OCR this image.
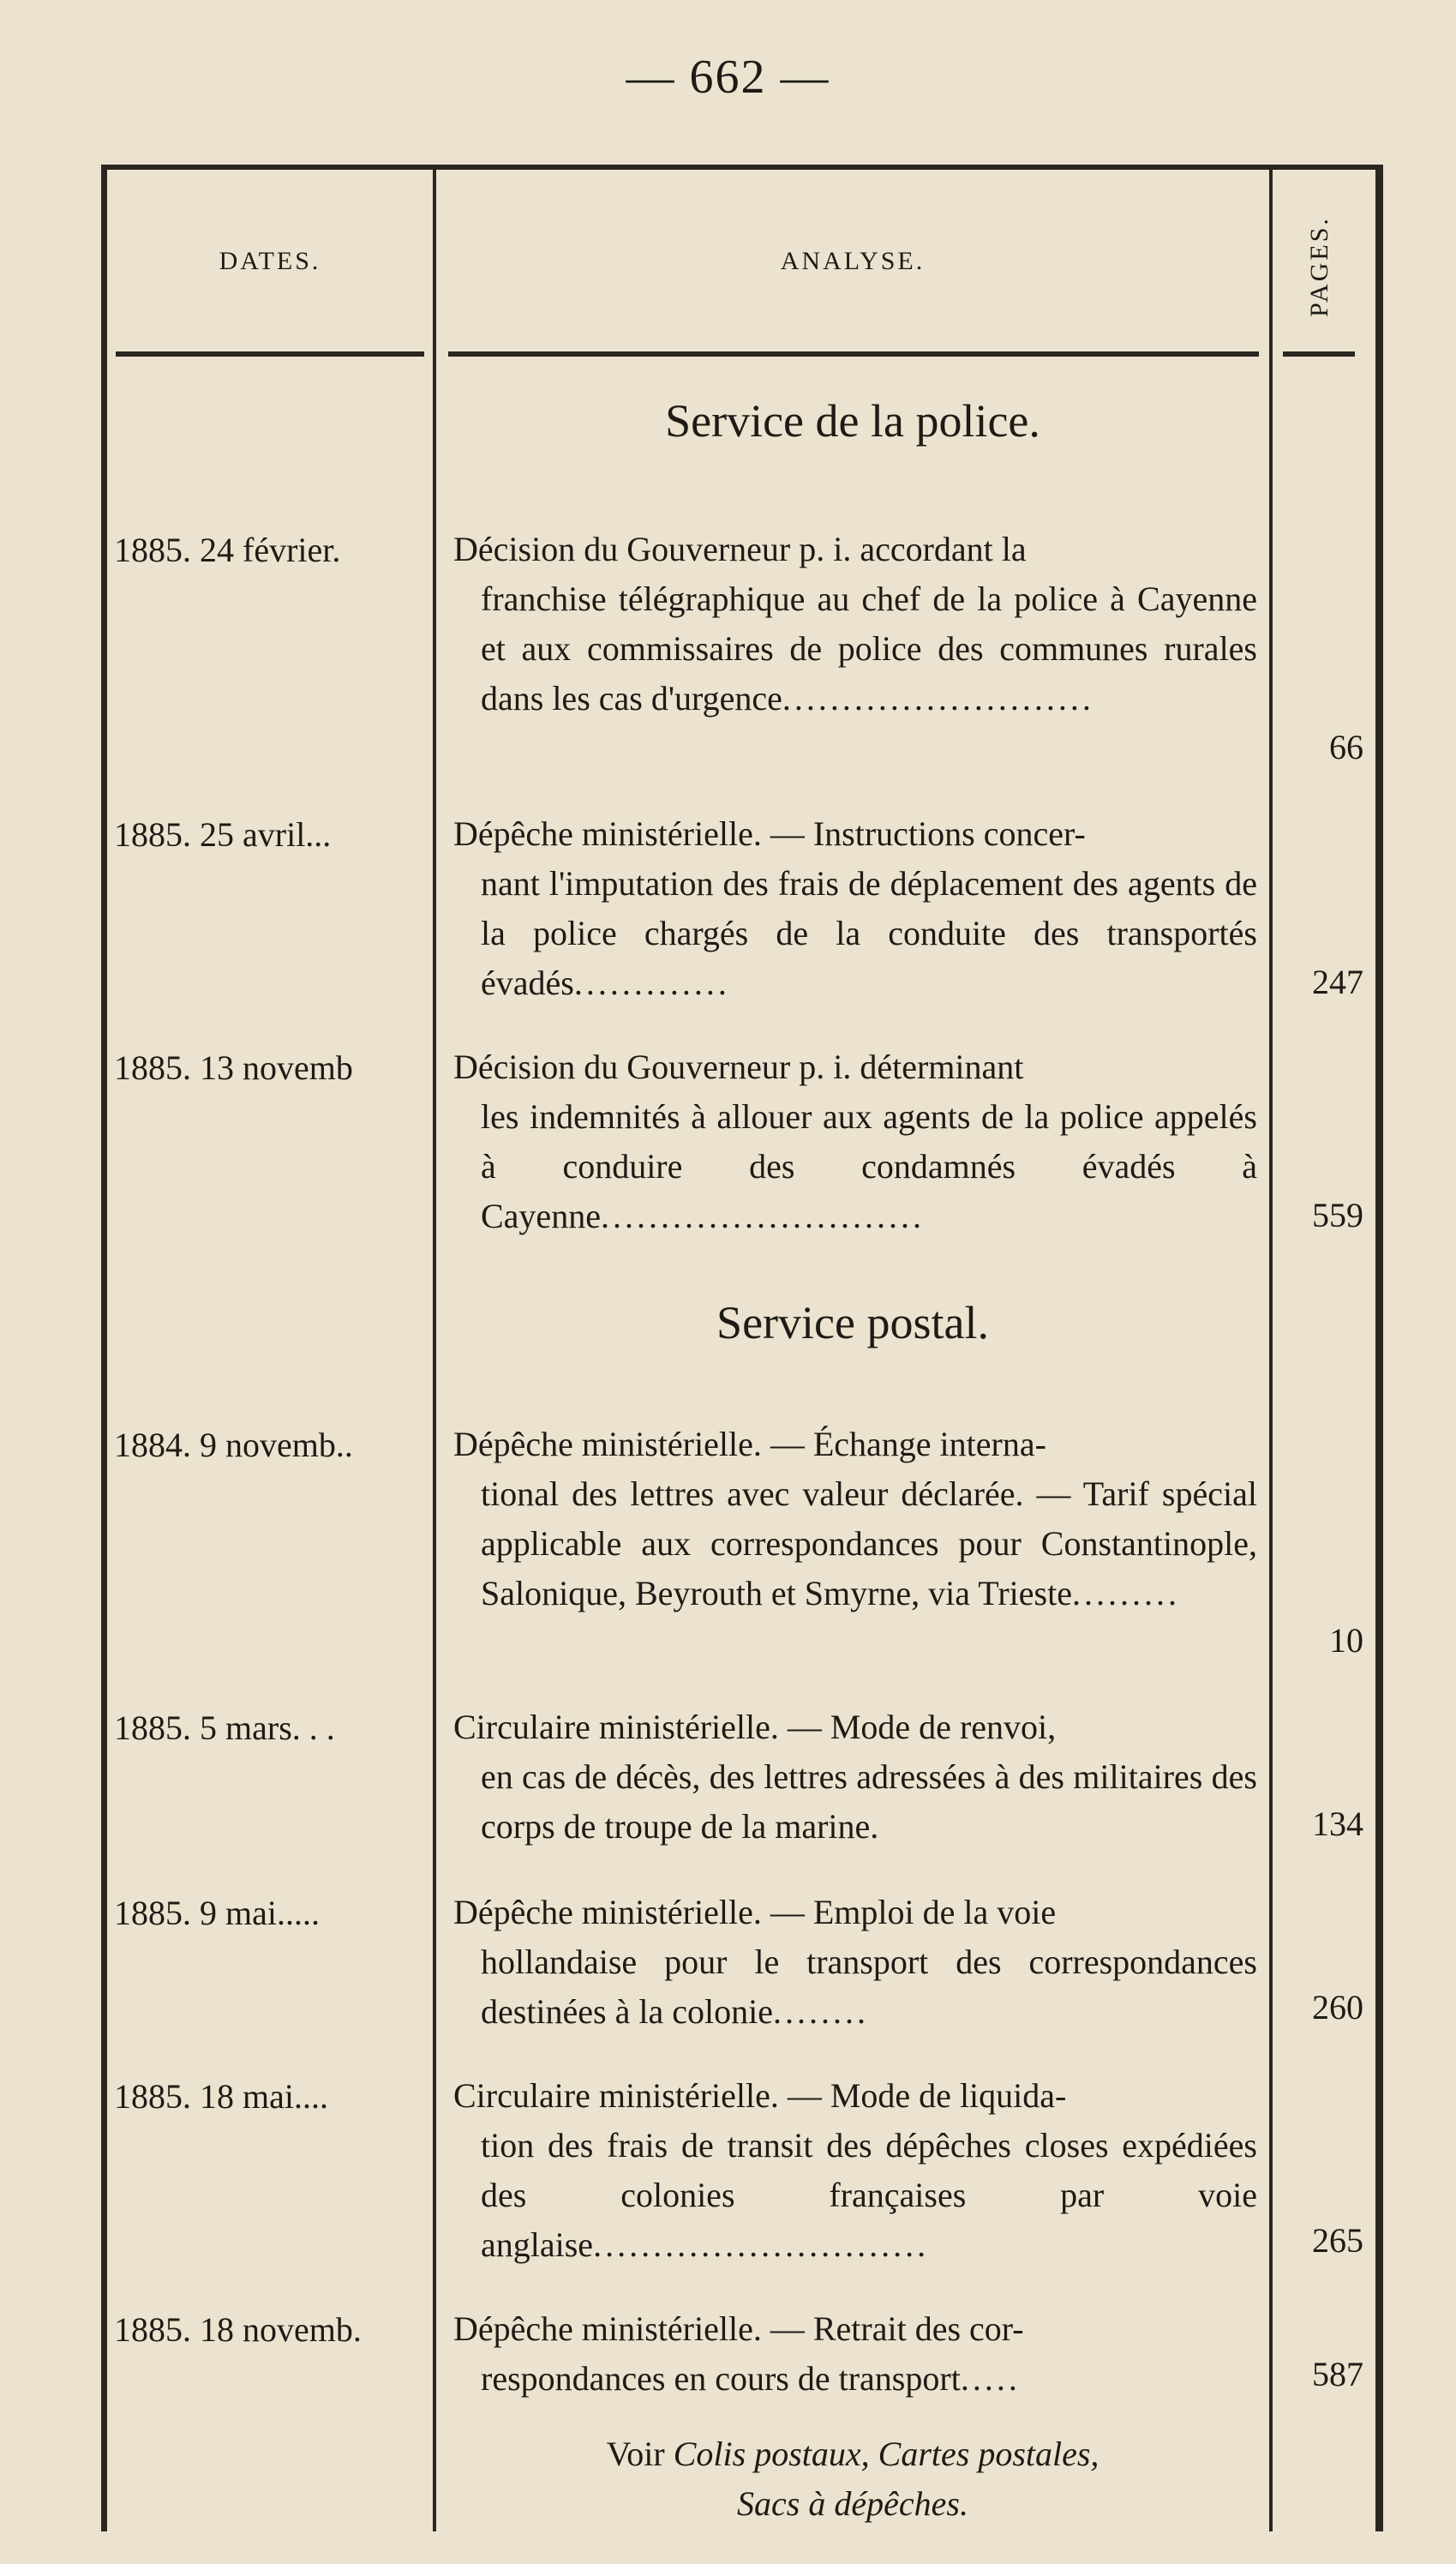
— 662 —
DATES.	ANALYSE.	PAGES.
Service de la police.
1885. 24 février.	Décision du Gouverneur p. i. accordant la
franchise télégraphique au chef de la police à Cayenne et aux commissaires de police des communes rurales dans les cas d'urgence..........................
66
1885. 25 avril...	Dépêche ministérielle. — Instructions concer-
nant l'imputation des frais de déplacement des agents de la police chargés de la conduite des transportés évadés.............	247
1885. 13 novemb	Décision du Gouverneur p. i. déterminant
les indemnités à allouer aux agents de la police appelés à conduire des condamnés évadés à Cayenne...........................	559
Service postal.
1884. 9 novemb..	Dépêche ministérielle. — Échange interna-
tional des lettres avec valeur déclarée. — Tarif spécial applicable aux correspondances pour Constantinople, Salonique, Beyrouth et Smyrne, via Trieste.........
10
1885. 5 mars. . .	Circulaire ministérielle. — Mode de renvoi,
en cas de décès, des lettres adressées à des militaires des corps de troupe de la marine.	134
1885. 9 mai.....	Dépêche ministérielle. — Emploi de la voie
hollandaise pour le transport des correspondances destinées à la colonie........	260
1885. 18 mai....	Circulaire ministérielle. — Mode de liquida-
tion des frais de transit des dépêches closes expédiées des colonies françaises par voie anglaise............................	265
1885. 18 novemb.	Dépêche ministérielle. — Retrait des cor-
respondances en cours de transport.....	587
Voir Colis postaux, Cartes postales,
Sacs à dépêches.
